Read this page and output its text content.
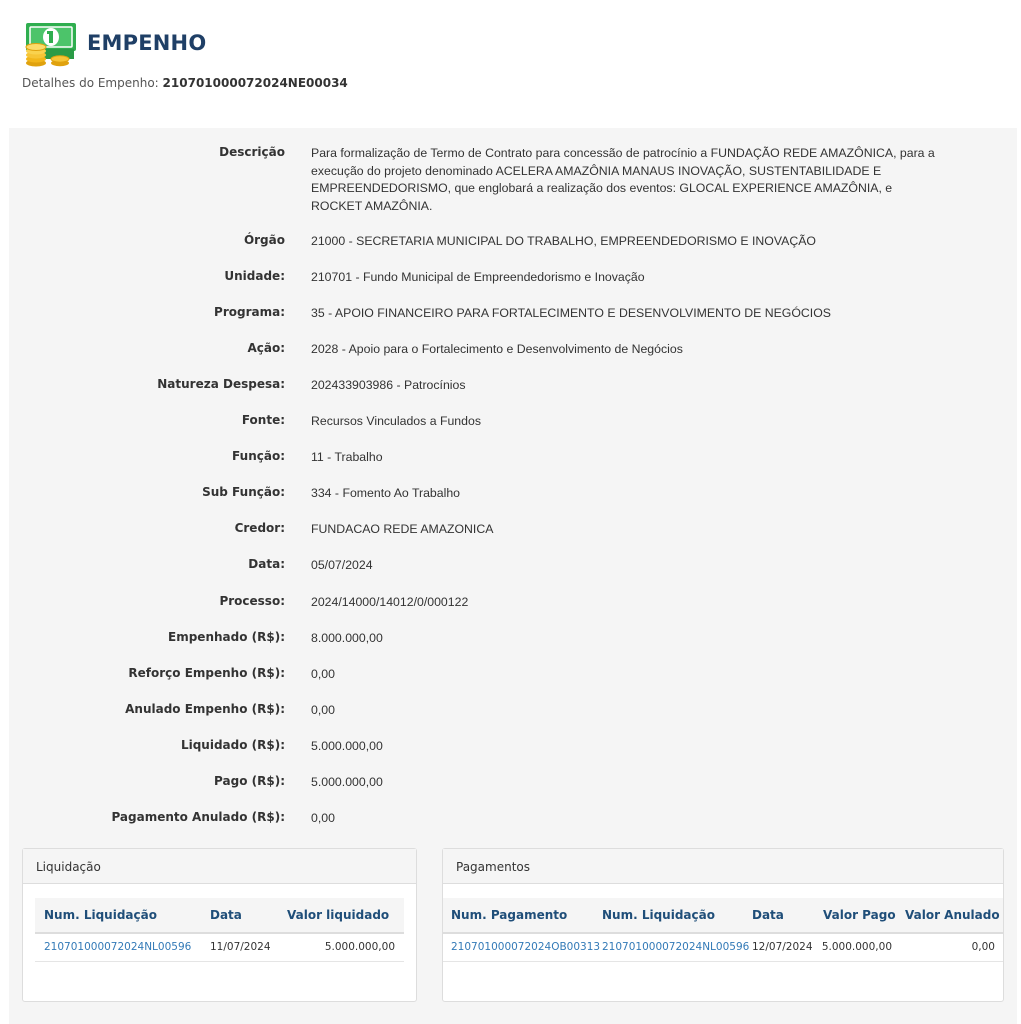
EMPENHO
Detalhes do Empenho: 210701000072024NE00034
Descrição Para formalização de Termo de Contrato para concessão de patrocínio a FUNDAÇÃO REDE AMAZÔNICA, para a execução do projeto denominado ACELERA AMAZÔNIA MANAUS INOVAÇÃO, SUSTENTABILIDADE E EMPREENDEDORISMO, que englobará a realização dos eventos: GLOCAL EXPERIENCE AMAZÔNIA, e ROCKET AMAZÔNIA.
Órgão 21000 - SECRETARIA MUNICIPAL DO TRABALHO, EMPREENDEDORISMO E INOVAÇÃO
Unidade: 210701 - Fundo Municipal de Empreendedorismo e Inovação
Programa: 35 - APOIO FINANCEIRO PARA FORTALECIMENTO E DESENVOLVIMENTO DE NEGÓCIOS
Ação: 2028 - Apoio para o Fortalecimento e Desenvolvimento de Negócios
Natureza Despesa: 202433903986 - Patrocínios
Fonte: Recursos Vinculados a Fundos
Função: 11 - Trabalho
Sub Função: 334 - Fomento Ao Trabalho
Credor: FUNDACAO REDE AMAZONICA
Data: 05/07/2024
Processo: 2024/14000/14012/0/000122
Empenhado (R$): 8.000.000,00
Reforço Empenho (R$): 0,00
Anulado Empenho (R$): 0,00
Liquidado (R$): 5.000.000,00
Pago (R$): 5.000.000,00
Pagamento Anulado (R$): 0,00
Liquidação
Num. Liquidação	Data	Valor liquidado
210701000072024NL00596 11/07/2024	5.000.000,00
Pagamentos
Num. Pagamento	Num. Liquidação	Data	Valor Pago Valor Anulado
210701000072024OB00313 210701000072024NL00596 12/07/2024 5.000.000,00	0,00
